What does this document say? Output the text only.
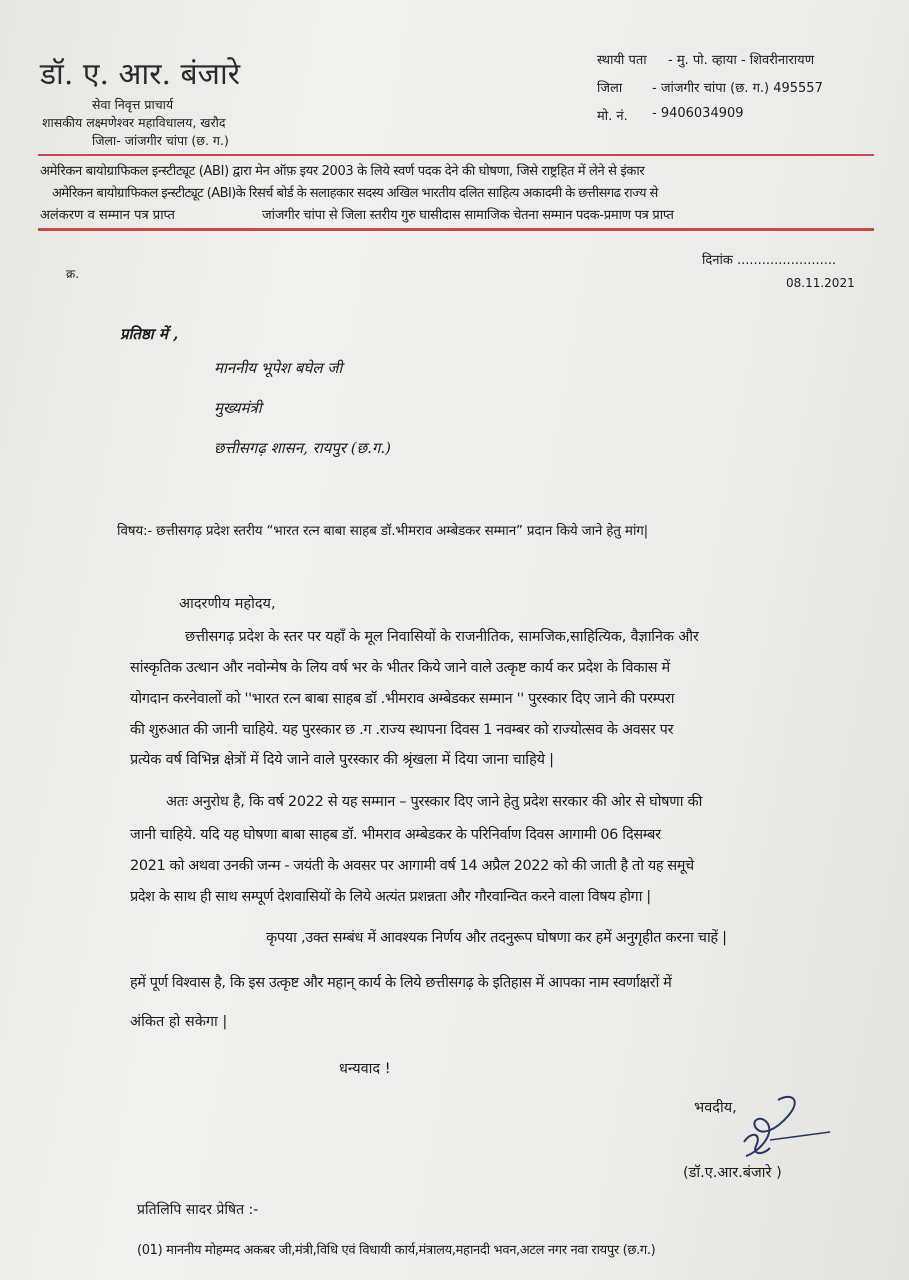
डॉ. ए. आर. बंजारे
सेवा निवृत्त प्राचार्य
शासकीय लक्ष्मणेश्वर महाविधालय, खरौद
जिला- जांजगीर चांपा (छ. ग.)
स्थायी पता - मु. पो. व्हाया - शिवरीनारायण
जिला - जांजगीर चांपा (छ. ग.) 495557
मो. नं. - 9406034909
अमेरिकन बायोग्राफिकल इन्स्टीट्यूट (ABI) द्वारा मेन ऑफ़ इयर 2003 के लिये स्वर्ण पदक देने की घोषणा, जिसे राष्ट्रहित में लेने से इंकार
अमेरिकन बायोग्राफिकल इन्स्टीट्यूट (ABI)के रिसर्च बोर्ड के सलाहकार सदस्य अखिल भारतीय दलित साहित्य अकादमी के छत्तीसगढ राज्य से
अलंकरण व सम्मान पत्र प्राप्त	जांजगीर चांपा से जिला स्तरीय गुरु घासीदास सामाजिक चेतना सम्मान पदक-प्रमाण पत्र प्राप्त
क्र.
दिनांक ........................
08.11.2021
प्रतिष्ठा में ,
माननीय भूपेश बघेल जी
मुख्यमंत्री
छत्तीसगढ़ शासन, रायपुर (छ.ग.)
विषय:- छत्तीसगढ़ प्रदेश स्तरीय “भारत रत्न बाबा साहब डॉ.भीमराव अम्बेडकर सम्मान” प्रदान किये जाने हेतु मांग|
आदरणीय महोदय,
छत्तीसगढ़ प्रदेश के स्तर पर यहाँ के मूल निवासियों के राजनीतिक, सामजिक,साहित्यिक, वैज्ञानिक और
सांस्कृतिक उत्थान और नवोन्मेष के लिय वर्ष भर के भीतर किये जाने वाले उत्कृष्ट कार्य कर प्रदेश के विकास में
योगदान करनेवालों को ''भारत रत्न बाबा साहब डॉ .भीमराव अम्बेडकर सम्मान '' पुरस्कार दिए जाने की परम्परा
की शुरुआत की जानी चाहिये. यह पुरस्कार छ .ग .राज्य स्थापना दिवस 1 नवम्बर को राज्योत्सव के अवसर पर
प्रत्येक वर्ष विभिन्न क्षेत्रों में दिये जाने वाले पुरस्कार की श्रृंखला में दिया जाना चाहिये |
अतः अनुरोध है, कि वर्ष 2022 से यह सम्मान – पुरस्कार दिए जाने हेतु प्रदेश सरकार की ओर से घोषणा की
जानी चाहिये. यदि यह घोषणा बाबा साहब डॉ. भीमराव अम्बेडकर के परिनिर्वाण दिवस आगामी 06 दिसम्बर
2021 को अथवा उनकी जन्म - जयंती के अवसर पर आगामी वर्ष 14 अप्रैल 2022 को की जाती है तो यह समूचे
प्रदेश के साथ ही साथ सम्पूर्ण देशवासियों के लिये अत्यंत प्रशन्नता और गौरवान्वित करने वाला विषय होगा |
कृपया ,उक्त सम्बंध में आवश्यक निर्णय और तदनुरूप घोषणा कर हमें अनुगृहीत करना चाहें |
हमें पूर्ण विश्वास है, कि इस उत्कृष्ट और महान् कार्य के लिये छत्तीसगढ़ के इतिहास में आपका नाम स्वर्णाक्षरों में
अंकित हो सकेगा |
धन्यवाद !
भवदीय,
(डॉ.ए.आर.बंजारे )
प्रतिलिपि सादर प्रेषित :-
(01) माननीय मोहम्मद अकबर जी,मंत्री,विधि एवं विधायी कार्य,मंत्रालय,महानदी भवन,अटल नगर नवा रायपुर (छ.ग.)
